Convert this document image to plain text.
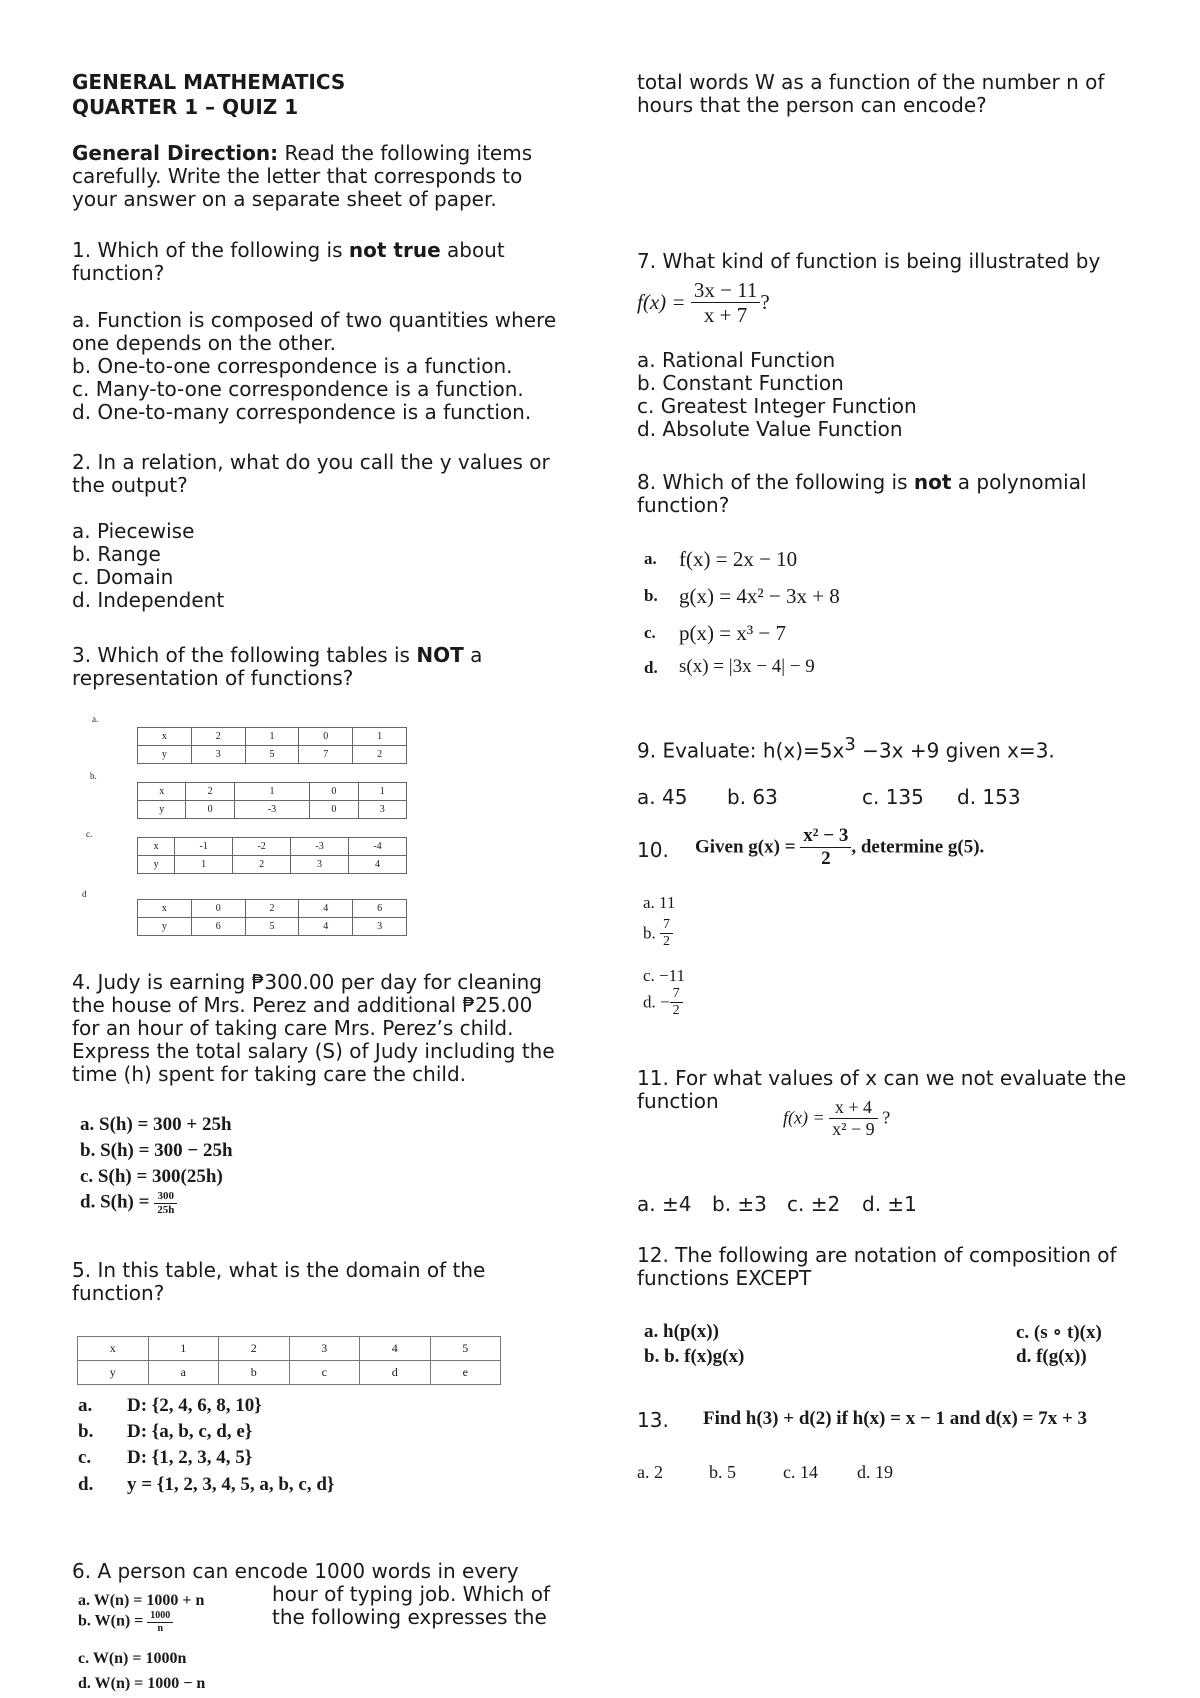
GENERAL MATHEMATICS
QUARTER 1 – QUIZ 1
General Direction: Read the following items
carefully. Write the letter that corresponds to
your answer on a separate sheet of paper.
1. Which of the following is not true about
function?
a. Function is composed of two quantities where
one depends on the other.
b. One-to-one correspondence is a function.
c. Many-to-one correspondence is a function.
d. One-to-many correspondence is a function.
2. In a relation, what do you call the y values or
the output?
a. Piecewise
b. Range
c. Domain
d. Independent
3. Which of the following tables is NOT a
representation of functions?
a.
x	2	1	0	1
y	3	5	7	2
b.
x	2	1	0	1
y	0	-3	0	3
c.
x	-1	-2	-3	-4
y	1	2	3	4
d
x	0	2	4	6
y	6	5	4	3
4. Judy is earning ₱300.00 per day for cleaning
the house of Mrs. Perez and additional ₱25.00
for an hour of taking care Mrs. Perez’s child.
Express the total salary (S) of Judy including the
time (h) spent for taking care the child.
a. S(h) = 300 + 25h
b. S(h) = 300 − 25h
c. S(h) = 300(25h)
d. $S(h) = \frac{300}{25h}$
5. In this table, what is the domain of the
function?
x	1	2	3	4	5
y	a	b	c	d	e
a. D: {2, 4, 6, 8, 10}
b. D: {a, b, c, d, e}
c. D: {1, 2, 3, 4, 5}
d. y = {1, 2, 3, 4, 5, a, b, c, d}
6. A person can encode 1000 words in every
hour of typing job. Which of
the following expresses the
a. W(n) = 1000 + n
b. $W(n) = \frac{1000}{n}$
c. W(n) = 1000n
d. W(n) = 1000 − n
total words W as a function of the number n of
hours that the person can encode?
7. What kind of function is being illustrated by
$f(x) = \frac{3x - 11}{x + 7}$ ?
a. Rational Function
b. Constant Function
c. Greatest Integer Function
d. Absolute Value Function
8. Which of the following is not a polynomial
function?
a. f(x) = 2x − 10
b. g(x) = 4x² − 3x + 8
c. p(x) = x³ − 7
d. s(x) = |3x − 4| − 9
9. Evaluate: $h(x)=5x^3 -3x +9$ given x=3.
a. 45 b. 63	c. 135 d. 153
10. Given $g(x) = \frac{\text{x² − 3}}{2}$ , determine g(5).
a. 11
b. $\frac{7}{2}$
c. −11
d. − $\frac{7}{2}$
11. For what values of x can we not evaluate the
function
$f(x) = \frac{x + 4}{\text{x² − 9}}$ ?
a. ±4 b. ±3 c. ±2 d. ±1
12. The following are notation of composition of
functions EXCEPT
a. h(p(x))
b. b. f(x)g(x)
c. (s ∘ t)(x)
d. f(g(x))
13. Find h(3) + d(2) if h(x) = x − 1 and d(x) = 7x + 3
a. 2	b. 5	c. 14 d. 19
